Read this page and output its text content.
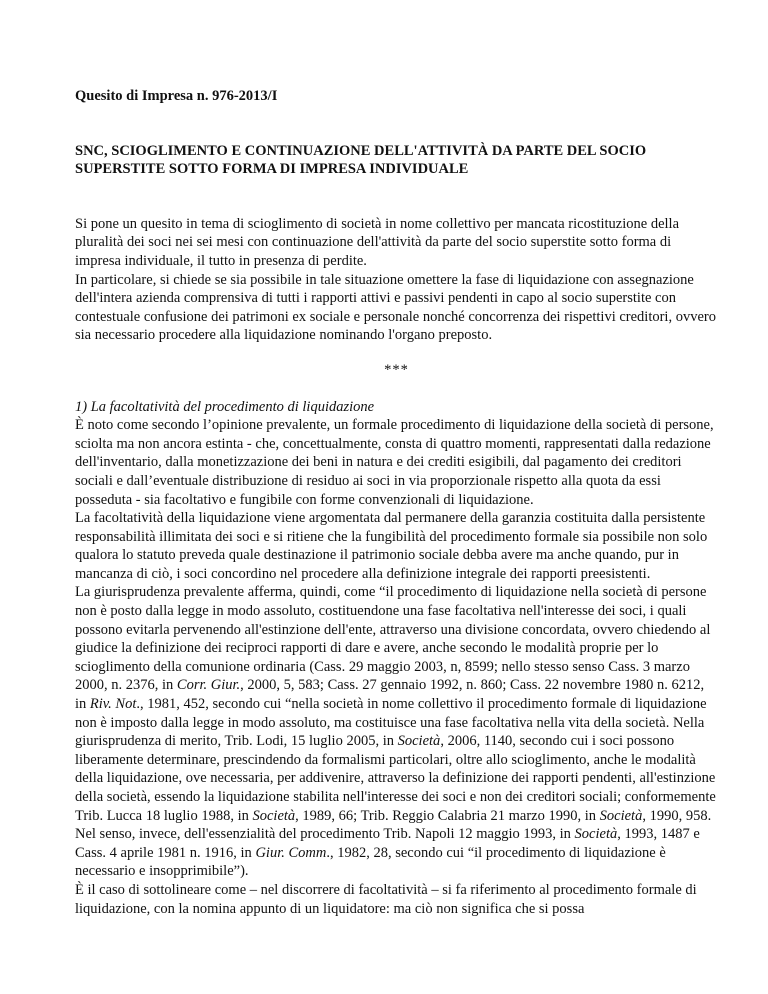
Quesito di Impresa n. 976-2013/I

SNC, SCIOGLIMENTO E CONTINUAZIONE DELL'ATTIVITÀ DA PARTE DEL SOCIO SUPERSTITE SOTTO FORMA DI IMPRESA INDIVIDUALE

Si pone un quesito in tema di scioglimento di società in nome collettivo per mancata ricostituzione della pluralità dei soci nei sei mesi con continuazione dell'attività da parte del socio superstite sotto forma di impresa individuale, il tutto in presenza di perdite.

In particolare, si chiede se sia possibile in tale situazione omettere la fase di liquidazione con assegnazione dell'intera azienda comprensiva di tutti i rapporti attivi e passivi pendenti in capo al socio superstite con contestuale confusione dei patrimoni ex sociale e personale nonché concorrenza dei rispettivi creditori, ovvero sia necessario procedere alla liquidazione nominando l'organo preposto.

***

1) La facoltatività del procedimento di liquidazione

È noto come secondo l’opinione prevalente, un formale procedimento di liquidazione della società di persone, sciolta ma non ancora estinta - che, concettualmente, consta di quattro momenti, rappresentati dalla redazione dell'inventario, dalla monetizzazione dei beni in natura e dei crediti esigibili, dal pagamento dei creditori sociali e dall’eventuale distribuzione di residuo ai soci in via proporzionale rispetto alla quota da essi posseduta - sia facoltativo e fungibile con forme convenzionali di liquidazione.

La facoltatività della liquidazione viene argomentata dal permanere della garanzia costituita dalla persistente responsabilità illimitata dei soci e si ritiene che la fungibilità del procedimento formale sia possibile non solo qualora lo statuto preveda quale destinazione il patrimonio sociale debba avere ma anche quando, pur in mancanza di ciò, i soci concordino nel procedere alla definizione integrale dei rapporti preesistenti.

La giurisprudenza prevalente afferma, quindi, come “il procedimento di liquidazione nella società di persone non è posto dalla legge in modo assoluto, costituendone una fase facoltativa nell'interesse dei soci, i quali possono evitarla pervenendo all'estinzione dell'ente, attraverso una divisione concordata, ovvero chiedendo al giudice la definizione dei reciproci rapporti di dare e avere, anche secondo le modalità proprie per lo scioglimento della comunione ordinaria (Cass. 29 maggio 2003, n, 8599; nello stesso senso Cass. 3 marzo 2000, n. 2376, in Corr. Giur., 2000, 5, 583; Cass. 27 gennaio 1992, n. 860; Cass. 22 novembre 1980 n. 6212, in Riv. Not., 1981, 452, secondo cui “nella società in nome collettivo il procedimento formale di liquidazione non è imposto dalla legge in modo assoluto, ma costituisce una fase facoltativa nella vita della società. Nella giurisprudenza di merito, Trib. Lodi, 15 luglio 2005, in Società, 2006, 1140, secondo cui i soci possono liberamente determinare, prescindendo da formalismi particolari, oltre allo scioglimento, anche le modalità della liquidazione, ove necessaria, per addivenire, attraverso la definizione dei rapporti pendenti, all'estinzione della società, essendo la liquidazione stabilita nell'interesse dei soci e non dei creditori sociali; conformemente Trib. Lucca 18 luglio 1988, in Società, 1989, 66; Trib. Reggio Calabria 21 marzo 1990, in Società, 1990, 958. Nel senso, invece, dell'essenzialità del procedimento Trib. Napoli 12 maggio 1993, in Società, 1993, 1487 e Cass. 4 aprile 1981 n. 1916, in Giur. Comm., 1982, 28, secondo cui “il procedimento di liquidazione è necessario e insopprimibile”).

È il caso di sottolineare come – nel discorrere di facoltatività – si fa riferimento al procedimento formale di liquidazione, con la nomina appunto di un liquidatore: ma ciò non significa che si possa
